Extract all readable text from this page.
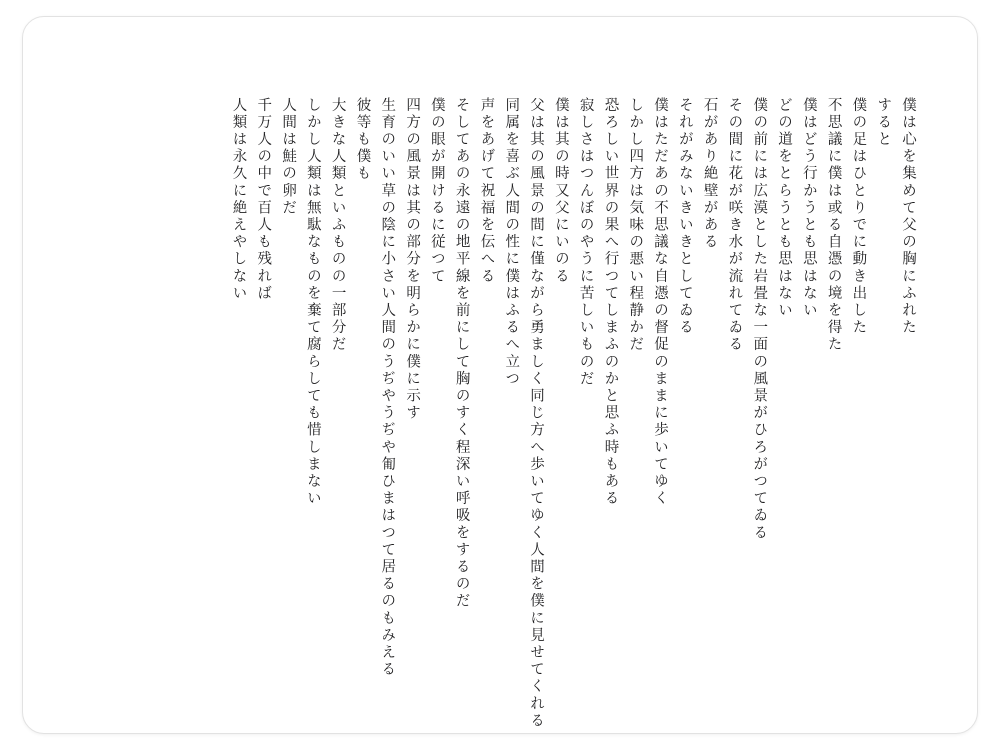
僕は心を集めて父の胸にふれた
すると
僕の足はひとりでに動き出した
不思議に僕は或る自憑の境を得た
僕はどう行かうとも思はない
どの道をとらうとも思はない
僕の前には広漠とした岩畳な一面の風景がひろがつてゐる
その間に花が咲き水が流れてゐる
石があり絶壁がある
それがみないきいきとしてゐる
僕はただあの不思議な自憑の督促のままに歩いてゆく
しかし四方は気味の悪い程静かだ
恐ろしい世界の果へ行つてしまふのかと思ふ時もある
寂しさはつんぼのやうに苦しいものだ
僕は其の時又父にいのる
父は其の風景の間に僅ながら勇ましく同じ方へ歩いてゆく人間を僕に見せてくれる
同属を喜ぶ人間の性に僕はふるへ立つ
声をあげて祝福を伝へる
そしてあの永遠の地平線を前にして胸のすく程深い呼吸をするのだ
僕の眼が開けるに従つて
四方の風景は其の部分を明らかに僕に示す
生育のいい草の陰に小さい人間のうぢやうぢや匍ひまはつて居るのもみえる
彼等も僕も
大きな人類といふものの一部分だ
しかし人類は無駄なものを棄て腐らしても惜しまない
人間は鮭の卵だ
千万人の中で百人も残れば
人類は永久に絶えやしない
